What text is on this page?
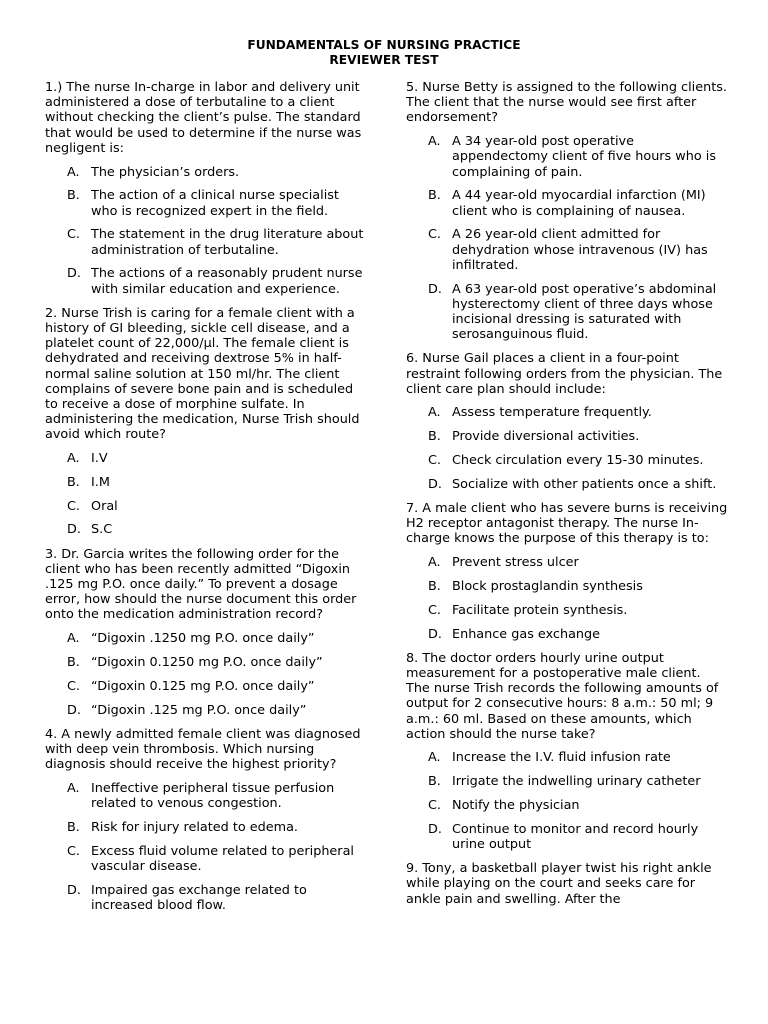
FUNDAMENTALS OF NURSING PRACTICE
REVIEWER TEST
1.) The nurse In-charge in labor and delivery unit administered a dose of terbutaline to a client without checking the client’s pulse. The standard that would be used to determine if the nurse was negligent is:
A. The physician’s orders.
B. The action of a clinical nurse specialist who is recognized expert in the field.
C. The statement in the drug literature about administration of terbutaline.
D. The actions of a reasonably prudent nurse with similar education and experience.
2. Nurse Trish is caring for a female client with a history of GI bleeding, sickle cell disease, and a platelet count of 22,000/µl. The female client is dehydrated and receiving dextrose 5% in half-normal saline solution at 150 ml/hr. The client complains of severe bone pain and is scheduled to receive a dose of morphine sulfate. In administering the medication, Nurse Trish should avoid which route?
A. I.V
B. I.M
C. Oral
D. S.C
3. Dr. Garcia writes the following order for the client who has been recently admitted “Digoxin .125 mg P.O. once daily.” To prevent a dosage error, how should the nurse document this order onto the medication administration record?
A. “Digoxin .1250 mg P.O. once daily”
B. “Digoxin 0.1250 mg P.O. once daily”
C. “Digoxin 0.125 mg P.O. once daily”
D. “Digoxin .125 mg P.O. once daily”
4. A newly admitted female client was diagnosed with deep vein thrombosis. Which nursing diagnosis should receive the highest priority?
A. Ineffective peripheral tissue perfusion related to venous congestion.
B. Risk for injury related to edema.
C. Excess fluid volume related to peripheral vascular disease.
D. Impaired gas exchange related to increased blood flow.
5. Nurse Betty is assigned to the following clients. The client that the nurse would see first after endorsement?
A. A 34 year-old post operative appendectomy client of five hours who is complaining of pain.
B. A 44 year-old myocardial infarction (MI) client who is complaining of nausea.
C. A 26 year-old client admitted for dehydration whose intravenous (IV) has infiltrated.
D. A 63 year-old post operative’s abdominal hysterectomy client of three days whose incisional dressing is saturated with serosanguinous fluid.
6. Nurse Gail places a client in a four-point restraint following orders from the physician. The client care plan should include:
A. Assess temperature frequently.
B. Provide diversional activities.
C. Check circulation every 15-30 minutes.
D. Socialize with other patients once a shift.
7. A male client who has severe burns is receiving H2 receptor antagonist therapy. The nurse In-charge knows the purpose of this therapy is to:
A. Prevent stress ulcer
B. Block prostaglandin synthesis
C. Facilitate protein synthesis.
D. Enhance gas exchange
8. The doctor orders hourly urine output measurement for a postoperative male client. The nurse Trish records the following amounts of output for 2 consecutive hours: 8 a.m.: 50 ml; 9 a.m.: 60 ml. Based on these amounts, which action should the nurse take?
A. Increase the I.V. fluid infusion rate
B. Irrigate the indwelling urinary catheter
C. Notify the physician
D. Continue to monitor and record hourly urine output
9. Tony, a basketball player twist his right ankle while playing on the court and seeks care for ankle pain and swelling. After the
